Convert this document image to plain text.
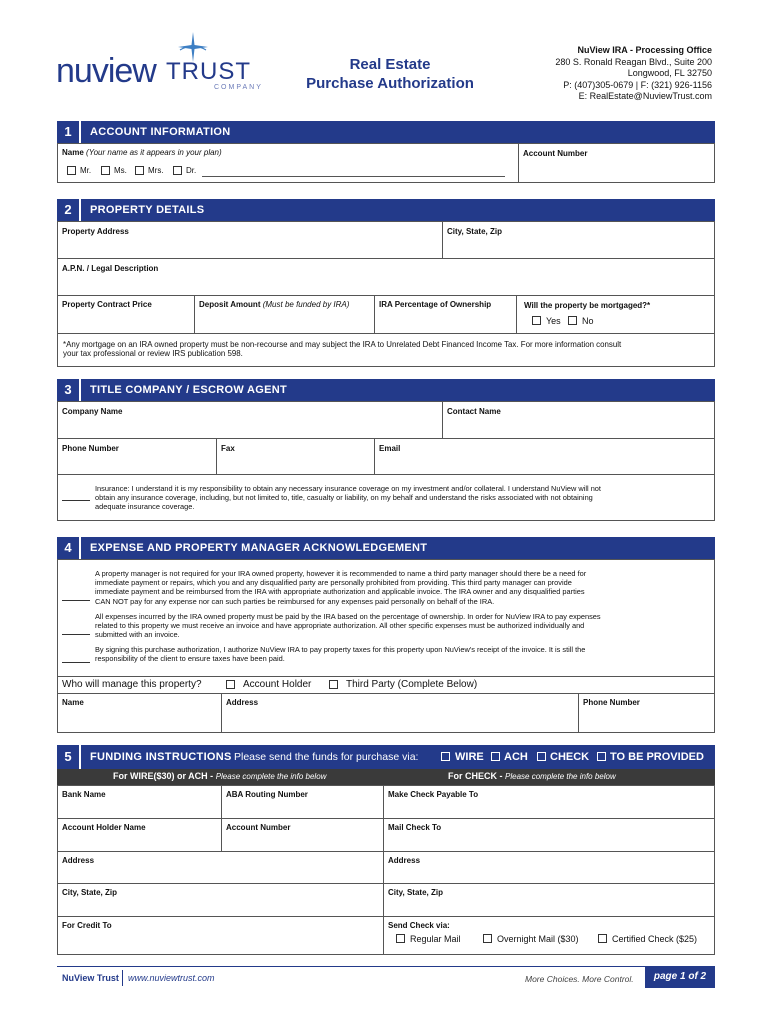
nuview TRUST
COMPANY
Real Estate
Purchase Authorization
NuView IRA - Processing Office
280 S. Ronald Reagan Blvd., Suite 200
Longwood, FL 32750
P: (407)305-0679 | F: (321) 926-1156
E: RealEstate@NuviewTrust.com
1	ACCOUNT INFORMATION
Name (Your name as it appears in your plan)	Account Number
Mr.	Ms.	Mrs.	Dr.
2	PROPERTY DETAILS
Property Address	City, State, Zip
A.P.N. / Legal Description
Property Contract Price	Deposit Amount (Must be funded by IRA)	IRA Percentage of Ownership	Will the property be mortgaged?*
Yes No
*Any mortgage on an IRA owned property must be non-recourse and may subject the IRA to Unrelated Debt Financed Income Tax. For more information consult
your tax professional or review IRS publication 598.
3	TITLE COMPANY / ESCROW AGENT
Company Name	Contact Name
Phone Number	Fax	Email
Insurance: I understand it is my responsibility to obtain any necessary insurance coverage on my investment and/or collateral. I understand NuView will not
obtain any insurance coverage, including, but not limited to, title, casualty or liability, on my behalf and understand the risks associated with not obtaining
adequate insurance coverage.
4	EXPENSE AND PROPERTY MANAGER ACKNOWLEDGEMENT
A property manager is not required for your IRA owned property, however it is recommended to name a third party manager should there be a need for
immediate payment or repairs, which you and any disqualified party are personally prohibited from providing. This third party manager can provide
immediate payment and be reimbursed from the IRA with appropriate authorization and applicable invoice. The IRA owner and any disqualified parties
CAN NOT pay for any expense nor can such parties be reimbursed for any expenses paid personally on behalf of the IRA.
All expenses incurred by the IRA owned property must be paid by the IRA based on the percentage of ownership. In order for NuView IRA to pay expenses
related to this property we must receive an invoice and have appropriate authorization. All other specific expenses must be authorized individually and
submitted with an invoice.
By signing this purchase authorization, I authorize NuView IRA to pay property taxes for this property upon NuView's receipt of the invoice. It is still the
responsibility of the client to ensure taxes have been paid.
Who will manage this property?	Account Holder	Third Party (Complete Below)
Name	Address	Phone Number
5	FUNDING INSTRUCTIONS Please send the funds for purchase via:	WIRE ACH CHECK TO BE PROVIDED
For WIRE($30) or ACH - Please complete the info below	For CHECK - Please complete the info below
Bank Name	ABA Routing Number	Make Check Payable To
Account Holder Name	Account Number	Mail Check To
Address	Address
City, State, Zip	City, State, Zip
For Credit To	Send Check via:
Regular Mail	Overnight Mail ($30)	Certified Check ($25)
NuView Trust www.nuviewtrust.com	More Choices. More Control.	page 1 of 2
